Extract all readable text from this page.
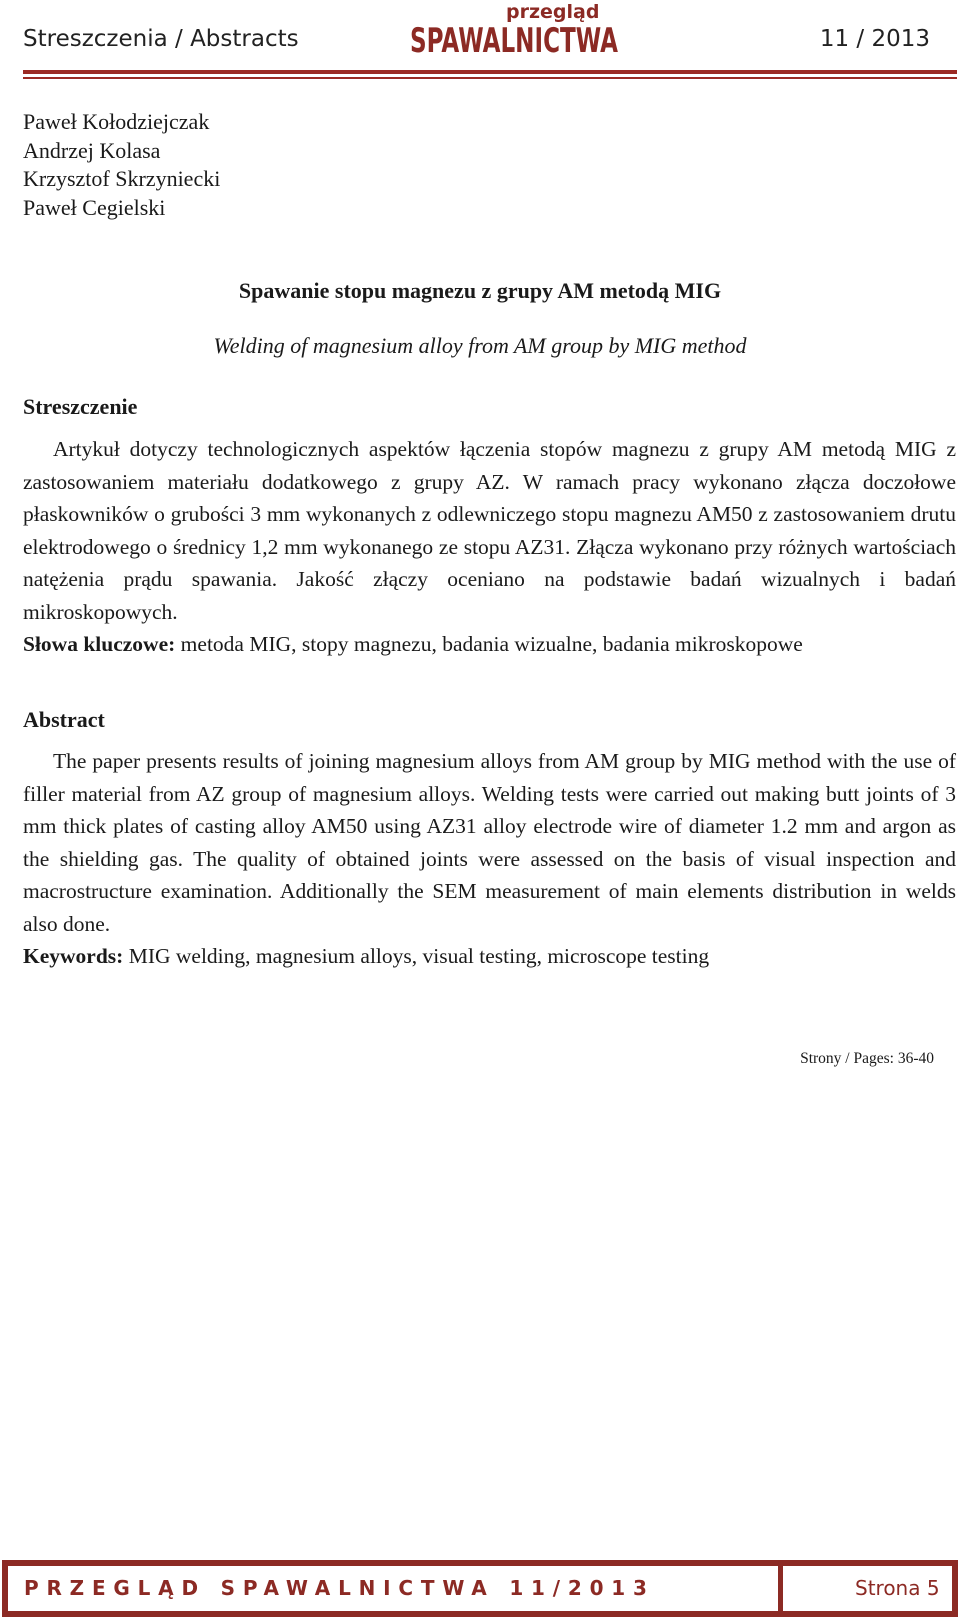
Streszczenia / Abstracts
przegląd
SPAWALNICTWA	11 / 2013
Paweł Kołodziejczak
Andrzej Kolasa
Krzysztof Skrzyniecki
Paweł Cegielski
Spawanie stopu magnezu z grupy AM metodą MIG
Welding of magnesium alloy from AM group by MIG method
Streszczenie

Artykuł dotyczy technologicznych aspektów łączenia stopów magnezu z grupy AM metodą MIG z zastosowaniem materiału dodatkowego z grupy AZ. W ramach pracy wykonano złącza doczołowe płaskowników o grubości 3 mm wykonanych z odlewniczego stopu magnezu AM50 z zastosowaniem drutu elektrodowego o średnicy 1,2 mm wykonanego ze stopu AZ31. Złącza wykonano przy różnych wartościach natężenia prądu spawania. Jakość złączy oceniano na podstawie badań wizualnych i badań mikroskopowych.

Słowa kluczowe: metoda MIG, stopy magnezu, badania wizualne, badania mikroskopowe
Abstract

The paper presents results of joining magnesium alloys from AM group by MIG method with the use of filler material from AZ group of magnesium alloys. Welding tests were carried out making butt joints of 3 mm thick plates of casting alloy AM50 using AZ31 alloy electrode wire of diameter 1.2 mm and argon as the shielding gas. The quality of obtained joints were assessed on the basis of visual inspection and macrostructure examination. Additionally the SEM measurement of main elements distribution in welds also done.

Keywords: MIG welding, magnesium alloys, visual testing, microscope testing
Strony / Pages: 36-40
PRZEGLĄD SPAWALNICTWA 11/2013	Strona 5
